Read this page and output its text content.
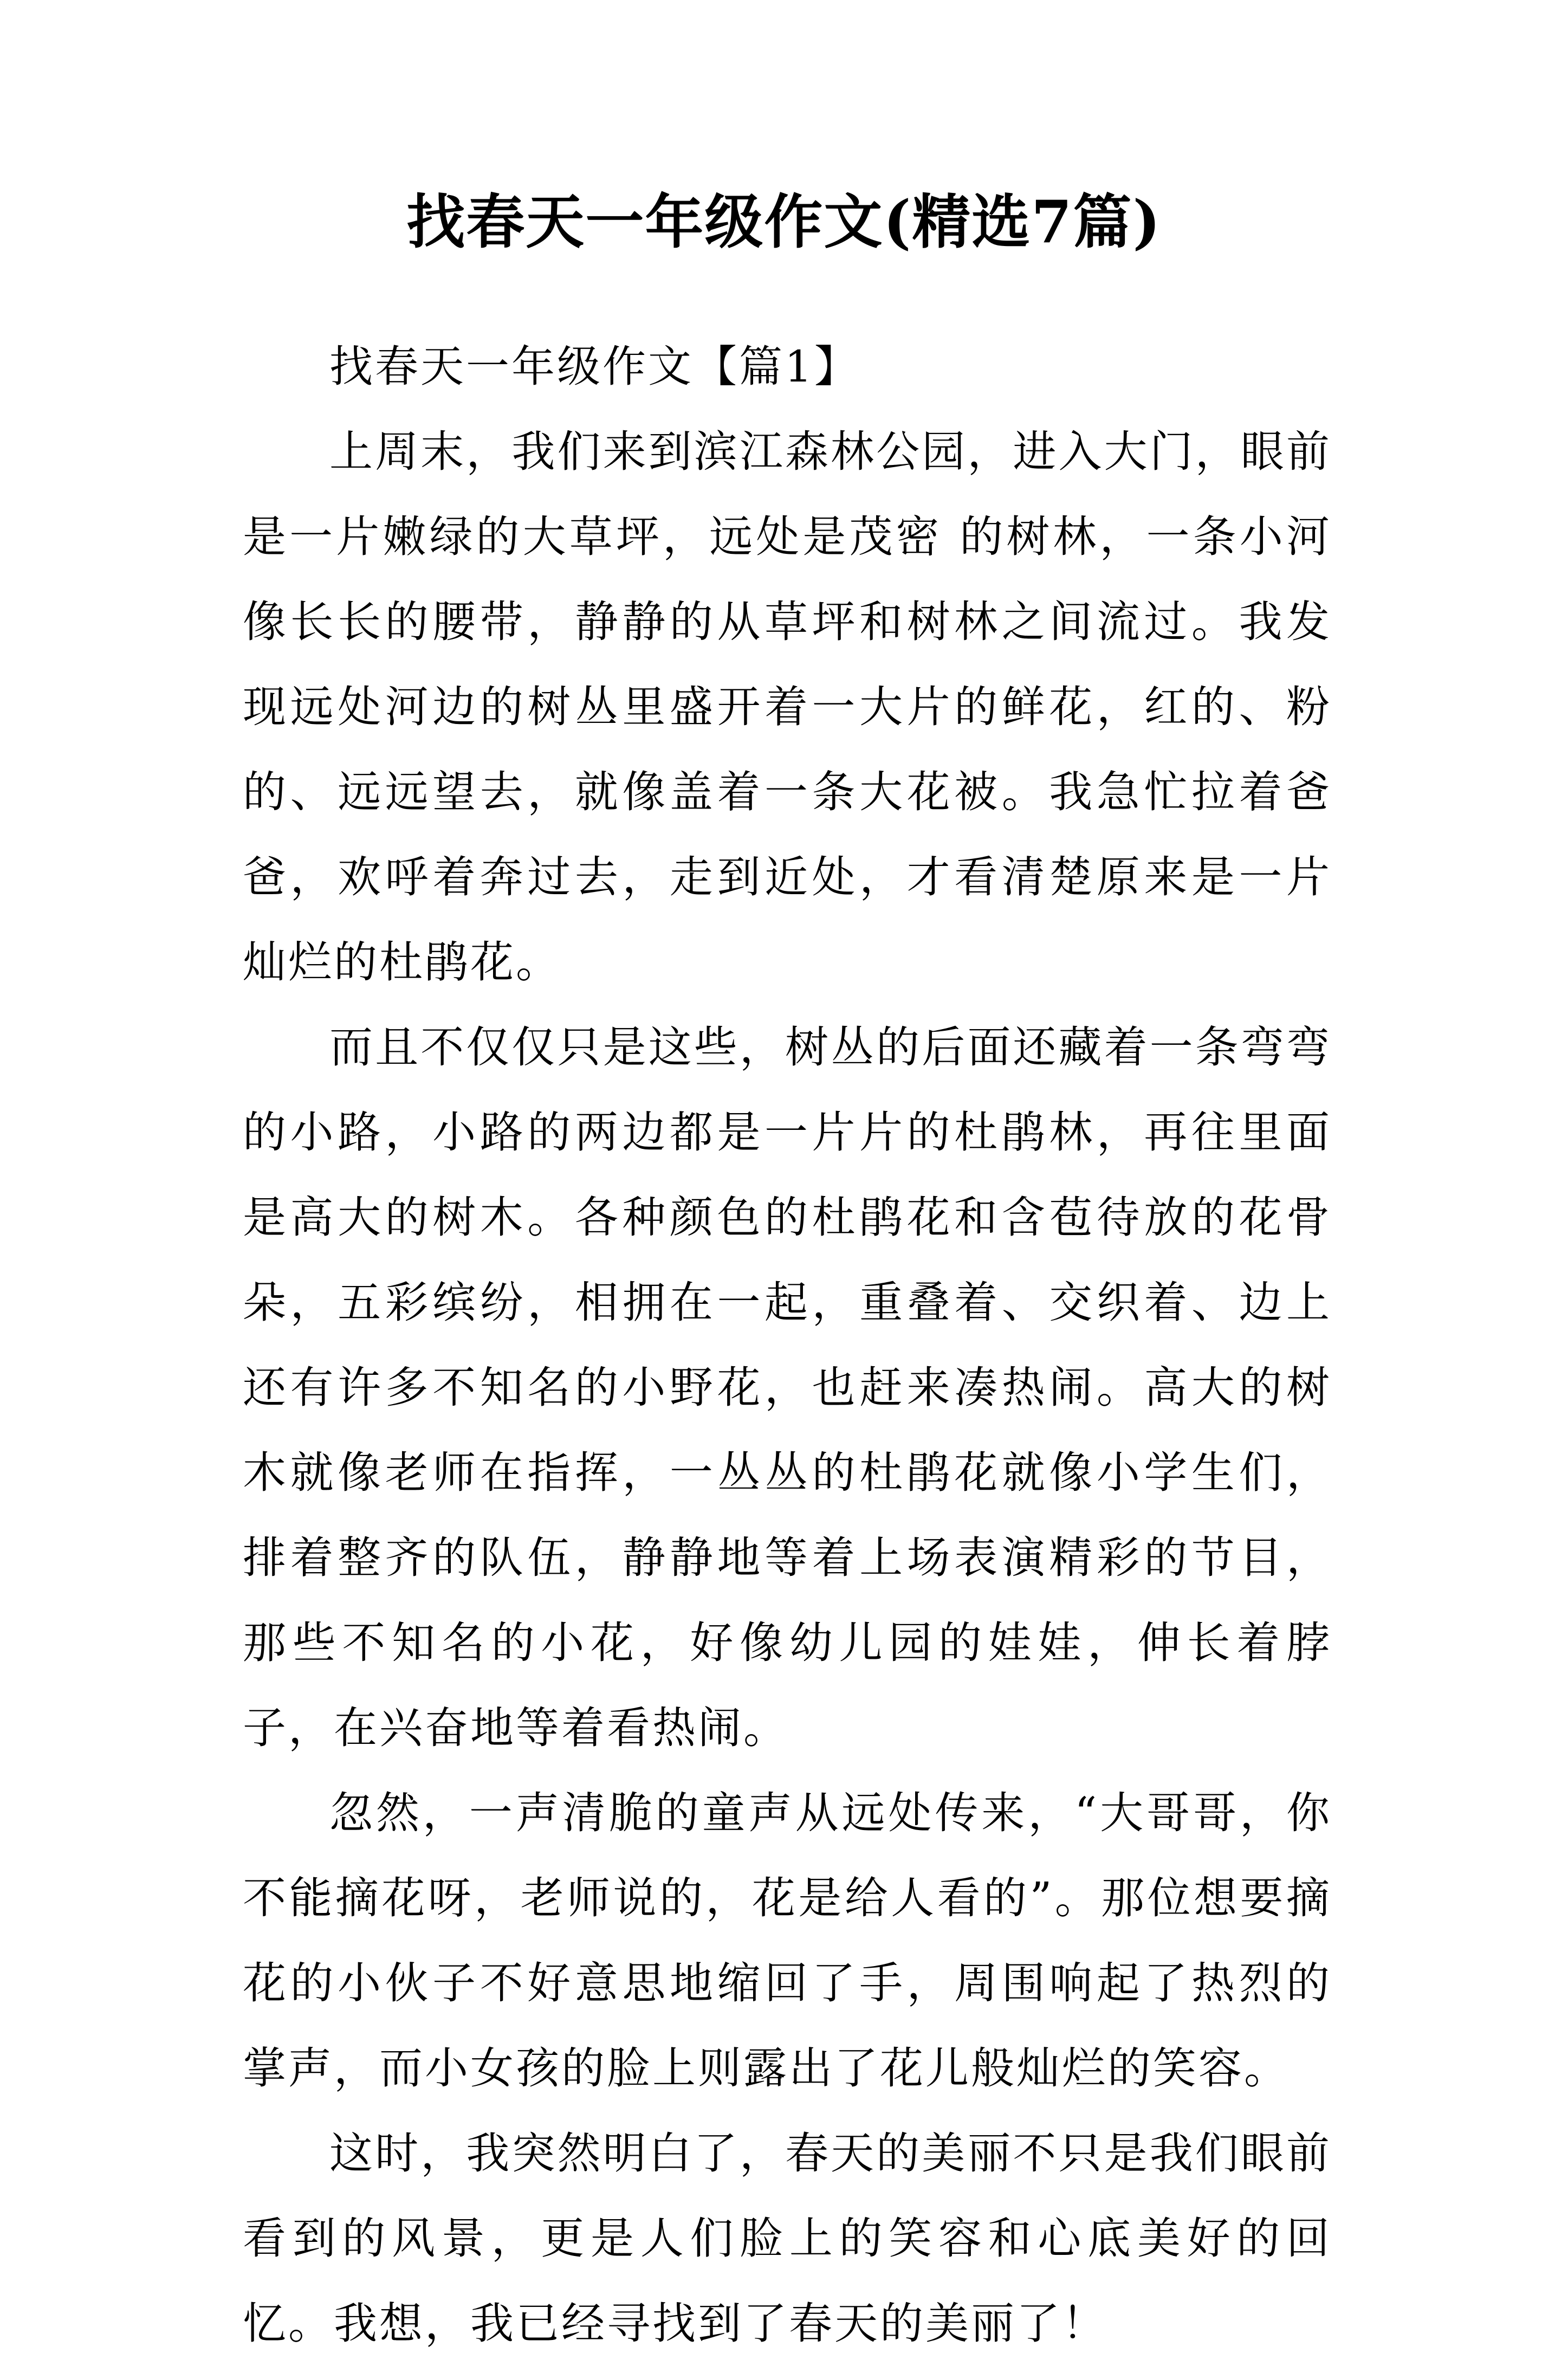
找春天一年级作文(精选7篇)

找春天一年级作文【篇1】

上周末，我们来到滨江森林公园，进入大门，眼前是一片嫩绿的大草坪，远处是茂密 的树林，一条小河像长长的腰带，静静的从草坪和树林之间流过。我发现远处河边的树丛里盛开着一大片的鲜花，红的、粉的、远远望去，就像盖着一条大花被。我急忙拉着爸爸，欢呼着奔过去，走到近处，才看清楚原来是一片灿烂的杜鹃花。

而且不仅仅只是这些，树丛的后面还藏着一条弯弯的小路，小路的两边都是一片片的杜鹃林，再往里面是高大的树木。各种颜色的杜鹃花和含苞待放的花骨朵，五彩缤纷，相拥在一起，重叠着、交织着、边上还有许多不知名的小野花，也赶来凑热闹。高大的树木就像老师在指挥，一丛丛的杜鹃花就像小学生们，排着整齐的队伍，静静地等着上场表演精彩的节目，那些不知名的小花，好像幼儿园的娃娃，伸长着脖子，在兴奋地等着看热闹。

忽然，一声清脆的童声从远处传来，“大哥哥，你不能摘花呀，老师说的，花是给人看的”。那位想要摘花的小伙子不好意思地缩回了手，周围响起了热烈的掌声，而小女孩的脸上则露出了花儿般灿烂的笑容。

这时，我突然明白了，春天的美丽不只是我们眼前看到的风景，更是人们脸上的笑容和心底美好的回忆。我想，我已经寻找到了春天的美丽了！
